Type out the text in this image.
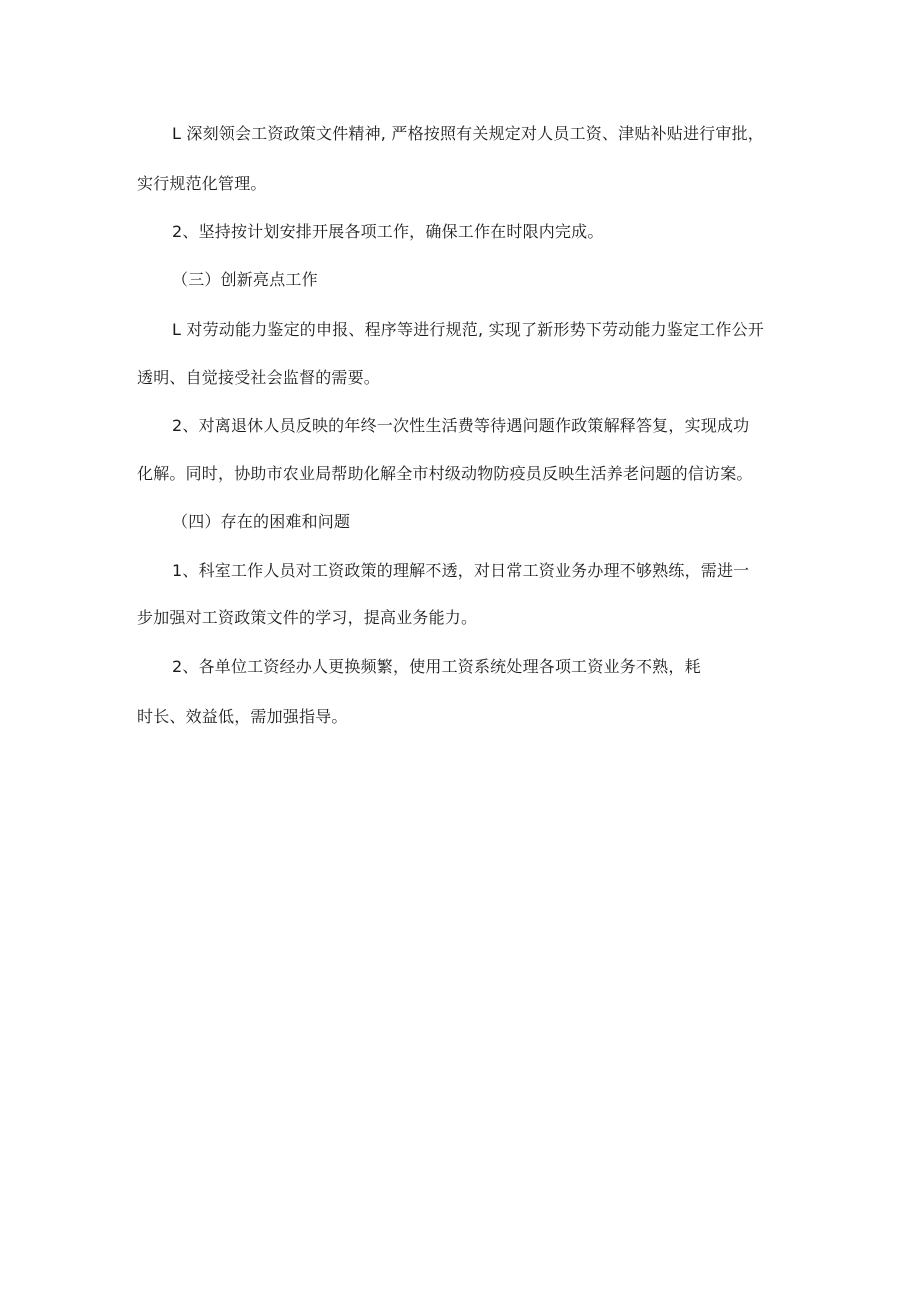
L 深刻领会工资政策文件精神, 严格按照有关规定对人员工资、津贴补贴进行审批，
实行规范化管理。
2、坚持按计划安排开展各项工作，确保工作在时限内完成。
（三）创新亮点工作
L 对劳动能力鉴定的申报、程序等进行规范, 实现了新形势下劳动能力鉴定工作公开
透明、自觉接受社会监督的需要。
2、对离退休人员反映的年终一次性生活费等待遇问题作政策解释答复，实现成功
化解。同时，协助市农业局帮助化解全市村级动物防疫员反映生活养老问题的信访案。
（四）存在的困难和问题
1、科室工作人员对工资政策的理解不透，对日常工资业务办理不够熟练，需进一
步加强对工资政策文件的学习，提高业务能力。
2、各单位工资经办人更换频繁，使用工资系统处理各项工资业务不熟，耗
时长、效益低，需加强指导。
